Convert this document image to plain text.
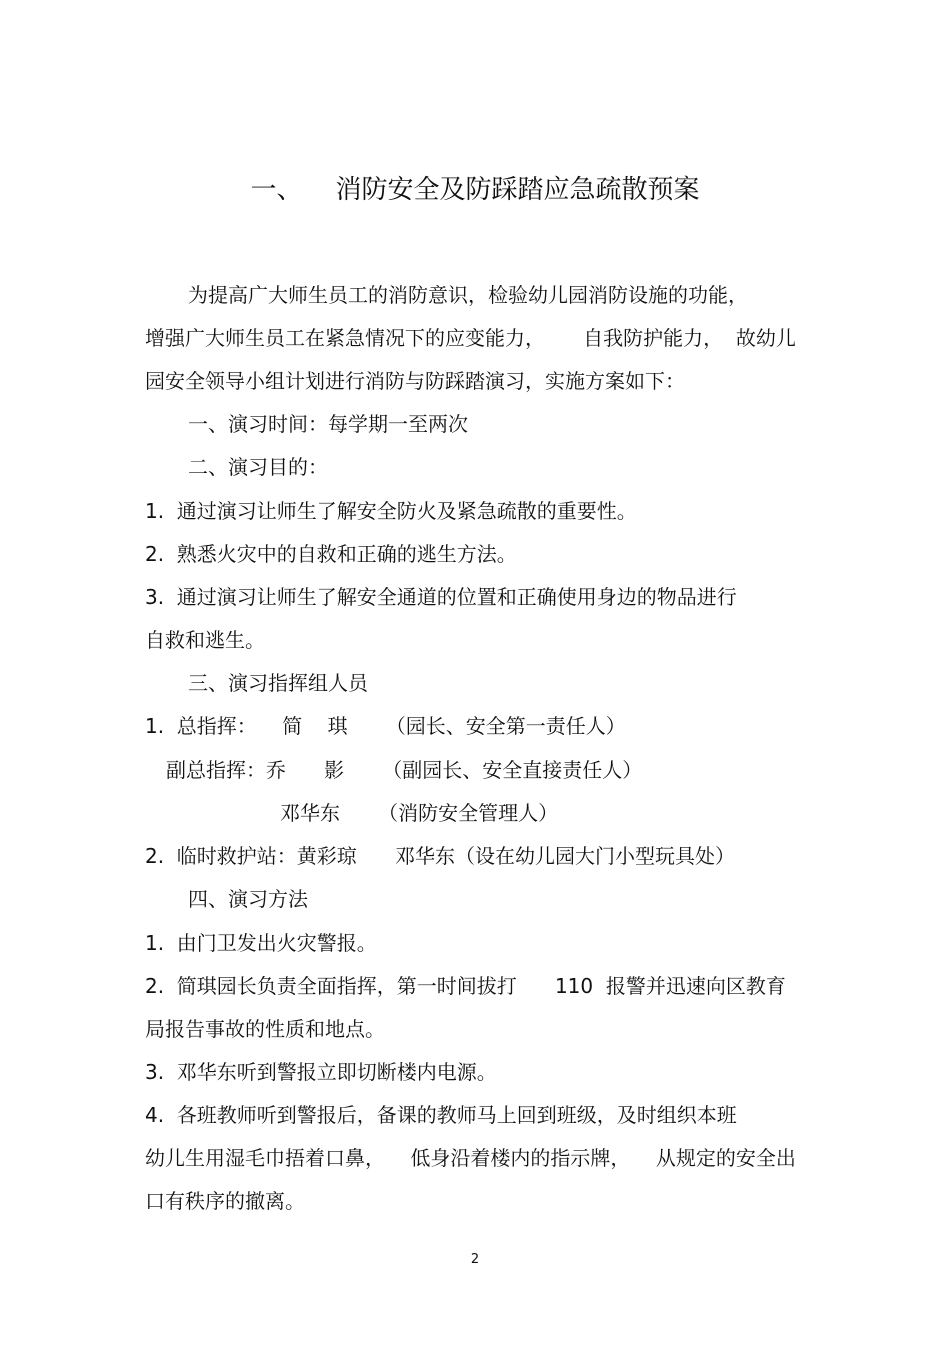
一、    消防安全及防踩踏应急疏散预案
为提高广大师生员工的消防意识，检验幼儿园消防设施的功能，
增强广大师生员工在紧急情况下的应变能力，      自我防护能力，  故幼儿
园安全领导小组计划进行消防与防踩踏演习，实施方案如下：
一、演习时间：每学期一至两次
二、演习目的：
1.  通过演习让师生了解安全防火及紧急疏散的重要性。
2.  熟悉火灾中的自救和正确的逃生方法。
3.  通过演习让师生了解安全通道的位置和正确使用身边的物品进行
自救和逃生。
三、演习指挥组人员
1.  总指挥：    简    琪      （园长、安全第一责任人）
副总指挥：乔      影      （副园长、安全直接责任人）
邓华东      （消防安全管理人）
2.  临时救护站：黄彩琼      邓华东（设在幼儿园大门小型玩具处）
四、演习方法
1.  由门卫发出火灾警报。
2.  简琪园长负责全面指挥，第一时间拔打      110  报警并迅速向区教育
局报告事故的性质和地点。
3.  邓华东听到警报立即切断楼内电源。
4.  各班教师听到警报后，备课的教师马上回到班级，及时组织本班
幼儿生用湿毛巾捂着口鼻，    低身沿着楼内的指示牌，    从规定的安全出
口有秩序的撤离。
2
